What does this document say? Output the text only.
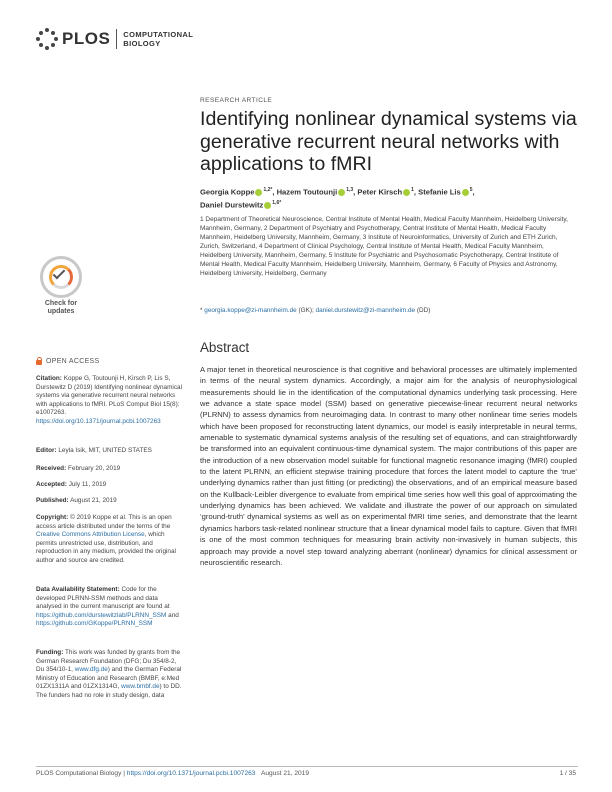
PLOS COMPUTATIONAL
BIOLOGY
Check for
updates
OPEN ACCESS
Citation: Koppe G, Toutounji H, Kirsch P, Lis S, Durstewitz D (2019) Identifying nonlinear dynamical systems via generative recurrent neural networks with applications to fMRI. PLoS Comput Biol 15(8): e1007263. https://doi.org/10.1371/journal.pcbi.1007263
Editor: Leyla Isik, MIT, UNITED STATES
Received: February 20, 2019
Accepted: July 11, 2019
Published: August 21, 2019
Copyright: © 2019 Koppe et al. This is an open access article distributed under the terms of the Creative Commons Attribution License, which permits unrestricted use, distribution, and reproduction in any medium, provided the original author and source are credited.
Data Availability Statement: Code for the developed PLRNN-SSM methods and data analysed in the current manuscript are found at https://github.com/durstewitzlab/PLRNN_SSM and https://github.com/GKoppe/PLRNN_SSM
Funding: This work was funded by grants from the German Research Foundation (DFG; Du 354/8-2, Du 354/10-1, www.dfg.de) and the German Federal Ministry of Education and Research (BMBF, e:Med 01ZX1311A and 01ZX1314G, www.bmbf.de) to DD. The funders had no role in study design, data
RESEARCH ARTICLE
Identifying nonlinear dynamical systems via generative recurrent neural networks with applications to fMRI
Georgia Koppe $^{1,2*}$, Hazem Toutounji $^{1,3}$, Peter Kirsch $^1$, Stefanie Lis $^5$,
Daniel Durstewitz $^{1,6*}$
1 Department of Theoretical Neuroscience, Central Institute of Mental Health, Medical Faculty Mannheim, Heidelberg University, Mannheim, Germany, 2 Department of Psychiatry and Psychotherapy, Central Institute of Mental Health, Medical Faculty Mannheim, Heidelberg University, Mannheim, Germany, 3 Institute of Neuroinformatics, University of Zurich and ETH Zurich, Zurich, Switzerland, 4 Department of Clinical Psychology, Central Institute of Mental Health, Medical Faculty Mannheim, Heidelberg University, Mannheim, Germany, 5 Institute for Psychiatric and Psychosomatic Psychotherapy, Central Institute of Mental Health, Medical Faculty Mannheim, Heidelberg University, Mannheim, Germany, 6 Faculty of Physics and Astronomy, Heidelberg University, Heidelberg, Germany
* georgia.koppe@zi-mannheim.de (GK); daniel.durstewitz@zi-mannheim.de (DD)
Abstract
A major tenet in theoretical neuroscience is that cognitive and behavioral processes are ultimately implemented in terms of the neural system dynamics. Accordingly, a major aim for the analysis of neurophysiological measurements should lie in the identification of the computational dynamics underlying task processing. Here we advance a state space model (SSM) based on generative piecewise-linear recurrent neural networks (PLRNN) to assess dynamics from neuroimaging data. In contrast to many other nonlinear time series models which have been proposed for reconstructing latent dynamics, our model is easily interpretable in neural terms, amenable to systematic dynamical systems analysis of the resulting set of equations, and can straightforwardly be transformed into an equivalent continuous-time dynamical system. The major contributions of this paper are the introduction of a new observation model suitable for functional magnetic resonance imaging (fMRI) coupled to the latent PLRNN, an efficient stepwise training procedure that forces the latent model to capture the ‘true’ underlying dynamics rather than just fitting (or predicting) the observations, and of an empirical measure based on the Kullback-Leibler divergence to evaluate from empirical time series how well this goal of approximating the underlying dynamics has been achieved. We validate and illustrate the power of our approach on simulated ‘ground-truth’ dynamical systems as well as on experimental fMRI time series, and demonstrate that the learnt dynamics harbors task-related nonlinear structure that a linear dynamical model fails to capture. Given that fMRI is one of the most common techniques for measuring brain activity non-invasively in human subjects, this approach may provide a novel step toward analyzing aberrant (nonlinear) dynamics for clinical assessment or neuroscientific research.
PLOS Computational Biology | https://doi.org/10.1371/journal.pcbi.1007263 August 21, 2019	1 / 35
